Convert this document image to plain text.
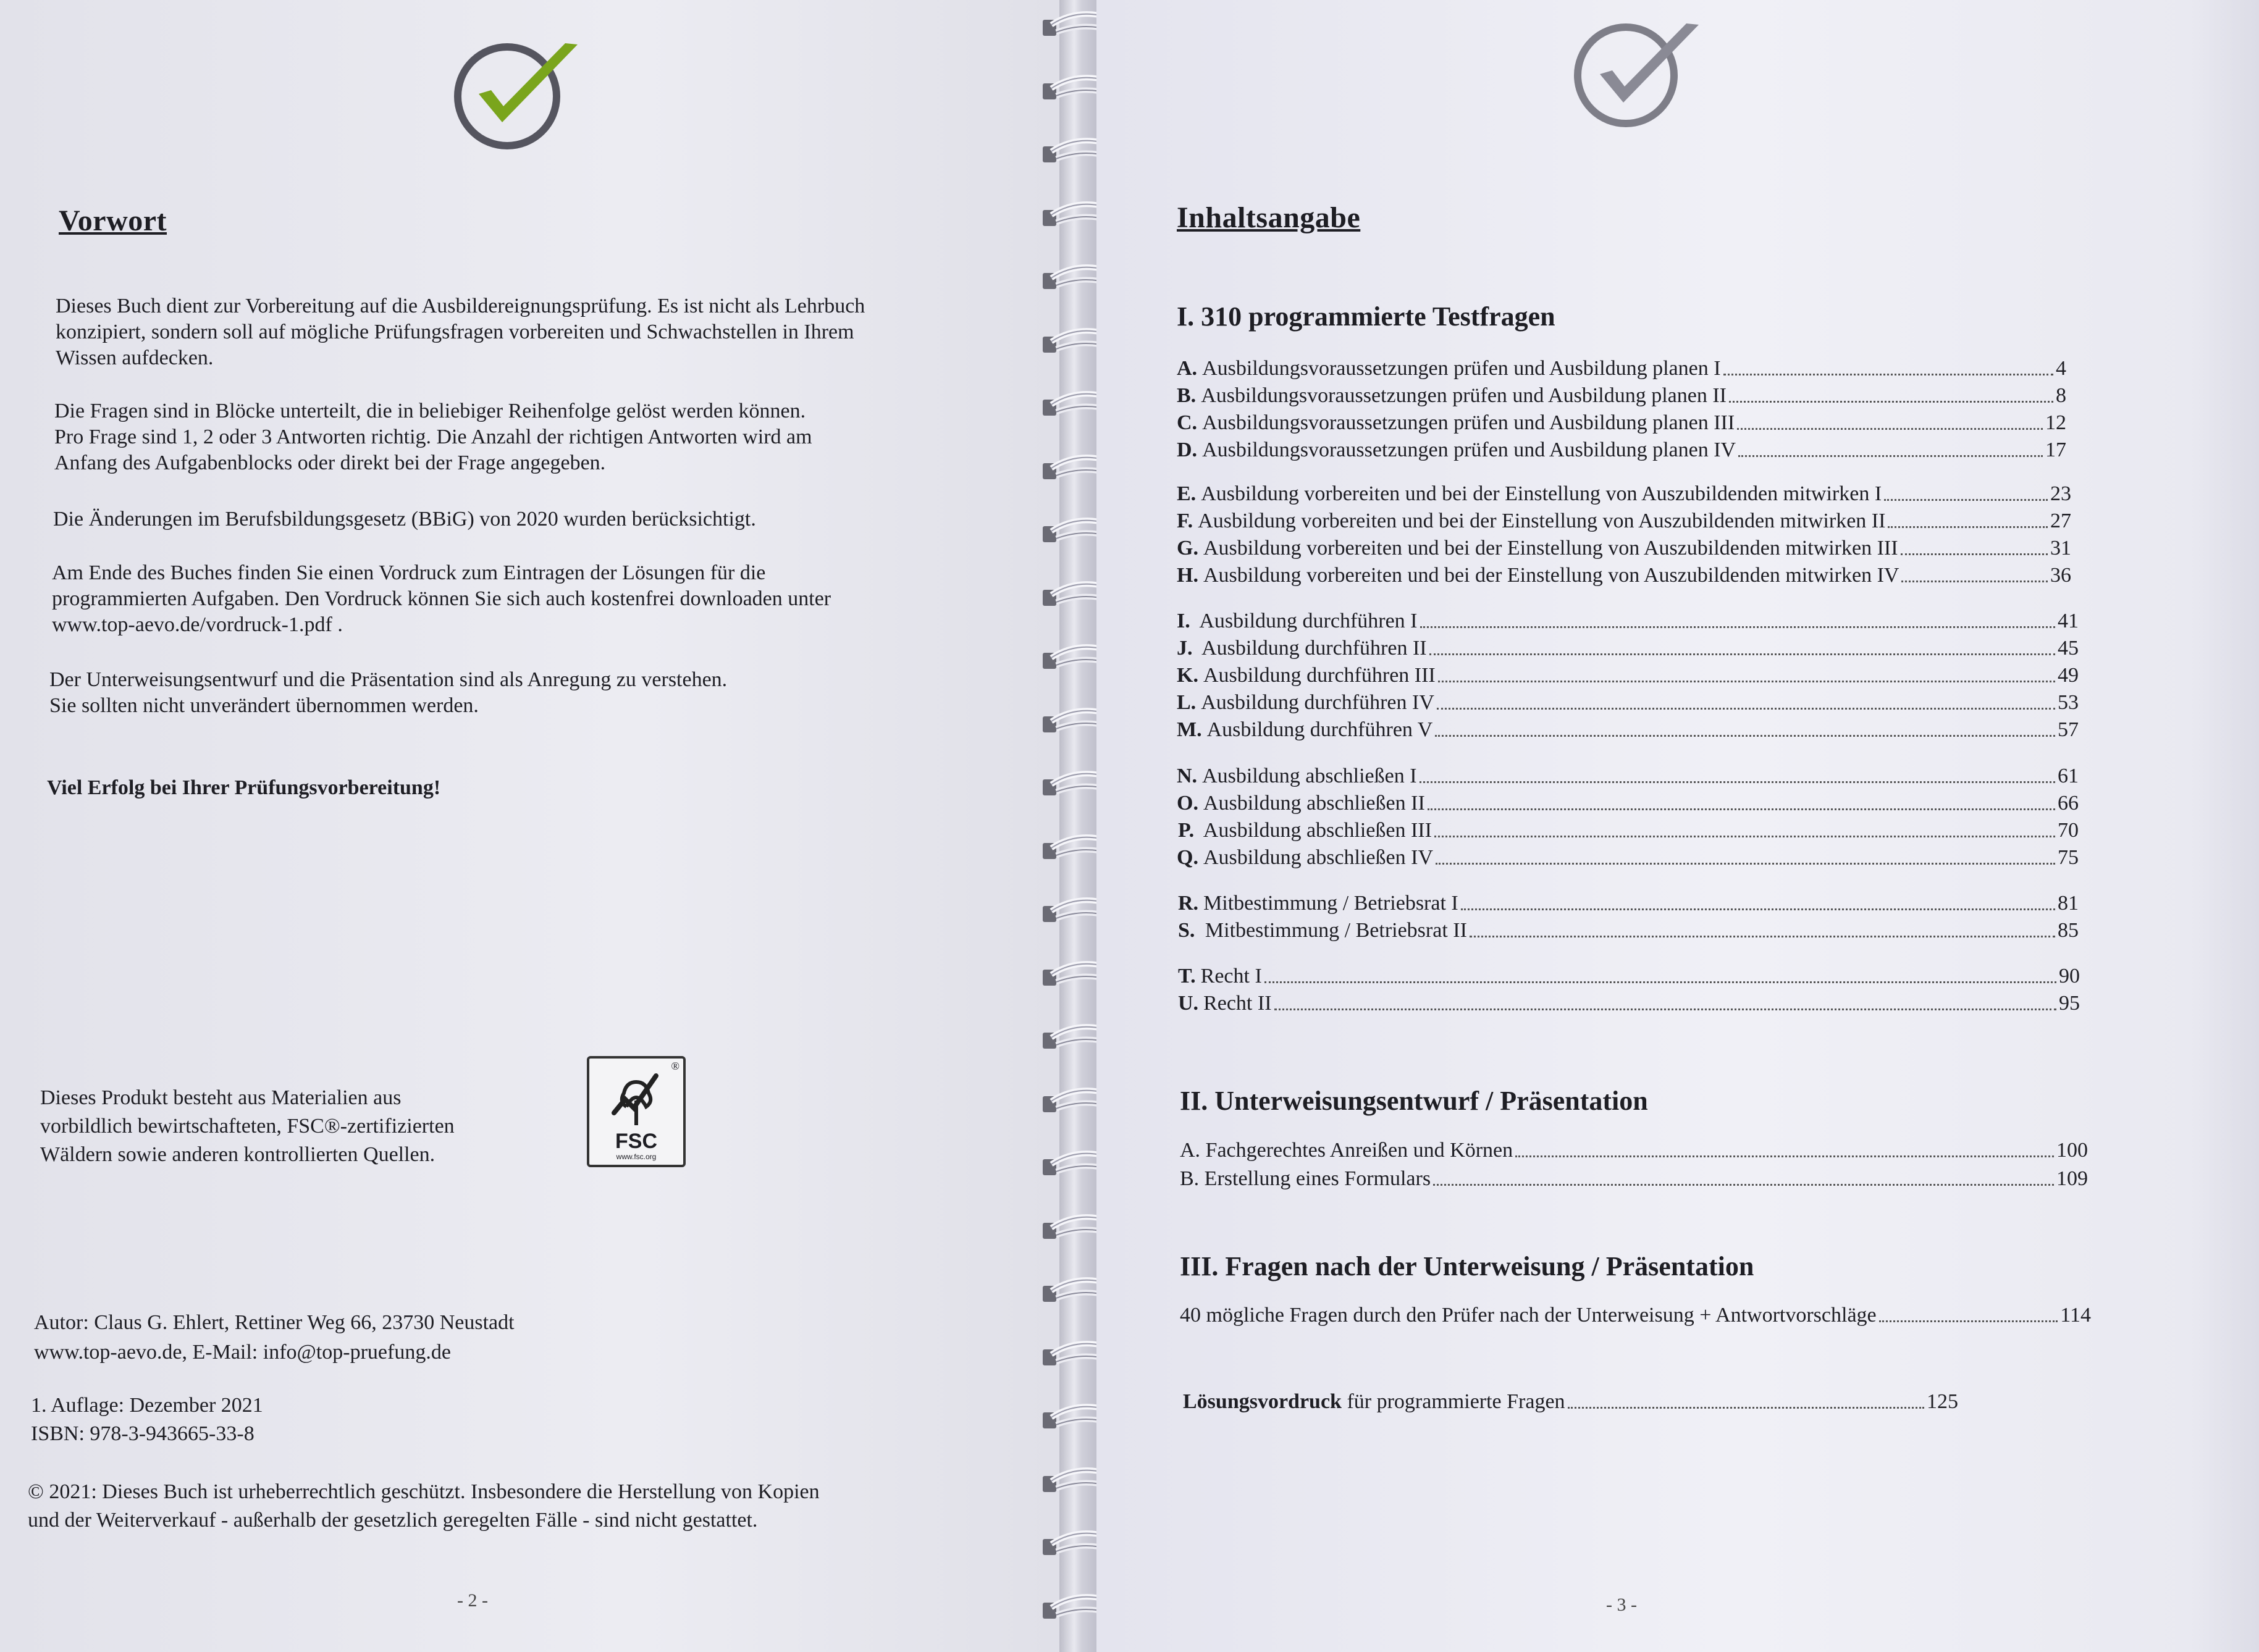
Vorwort
Dieses Buch dient zur Vorbereitung auf die Ausbildereignungsprüfung. Es ist nicht als Lehrbuch
konzipiert, sondern soll auf mögliche Prüfungsfragen vorbereiten und Schwachstellen in Ihrem
Wissen aufdecken.
Die Fragen sind in Blöcke unterteilt, die in beliebiger Reihenfolge gelöst werden können.
Pro Frage sind 1, 2 oder 3 Antworten richtig. Die Anzahl der richtigen Antworten wird am
Anfang des Aufgabenblocks oder direkt bei der Frage angegeben.
Die Änderungen im Berufsbildungsgesetz (BBiG) von 2020 wurden berücksichtigt.
Am Ende des Buches finden Sie einen Vordruck zum Eintragen der Lösungen für die
programmierten Aufgaben. Den Vordruck können Sie sich auch kostenfrei downloaden unter
www.top-aevo.de/vordruck-1.pdf .
Der Unterweisungsentwurf und die Präsentation sind als Anregung zu verstehen.
Sie sollten nicht unverändert übernommen werden.
Viel Erfolg bei Ihrer Prüfungsvorbereitung!
Dieses Produkt besteht aus Materialien aus
vorbildlich bewirtschafteten, FSC®-zertifizierten
Wäldern sowie anderen kontrollierten Quellen.
®
FSC
www.fsc.org
Autor: Claus G. Ehlert, Rettiner Weg 66, 23730 Neustadt
www.top-aevo.de, E-Mail: info@top-pruefung.de
1. Auflage: Dezember 2021
ISBN: 978-3-943665-33-8
© 2021: Dieses Buch ist urheberrechtlich geschützt. Insbesondere die Herstellung von Kopien
und der Weiterverkauf - außerhalb der gesetzlich geregelten Fälle - sind nicht gestattet.
- 2 -
Inhaltsangabe
I. 310 programmierte Testfragen
A. Ausbildungsvoraussetzungen prüfen und Ausbildung planen I	4
B. Ausbildungsvoraussetzungen prüfen und Ausbildung planen II	8
C. Ausbildungsvoraussetzungen prüfen und Ausbildung planen III	12
D. Ausbildungsvoraussetzungen prüfen und Ausbildung planen IV	17
E. Ausbildung vorbereiten und bei der Einstellung von Auszubildenden mitwirken I	23
F. Ausbildung vorbereiten und bei der Einstellung von Auszubildenden mitwirken II	27
G. Ausbildung vorbereiten und bei der Einstellung von Auszubildenden mitwirken III	31
H. Ausbildung vorbereiten und bei der Einstellung von Auszubildenden mitwirken IV	36
I. Ausbildung durchführen I	41
J. Ausbildung durchführen II	45
K. Ausbildung durchführen III	49
L. Ausbildung durchführen IV	53
M. Ausbildung durchführen V	57
N. Ausbildung abschließen I	61
O. Ausbildung abschließen II	66
P. Ausbildung abschließen III	70
Q. Ausbildung abschließen IV	75
R. Mitbestimmung / Betriebsrat I	81
S. Mitbestimmung / Betriebsrat II	85
T. Recht I	90
U. Recht II	95
II. Unterweisungsentwurf / Präsentation
A. Fachgerechtes Anreißen und Körnen	100
B. Erstellung eines Formulars	109
III. Fragen nach der Unterweisung / Präsentation
40 mögliche Fragen durch den Prüfer nach der Unterweisung + Antwortvorschläge	114
Lösungsvordruck für programmierte Fragen	125
- 3 -
